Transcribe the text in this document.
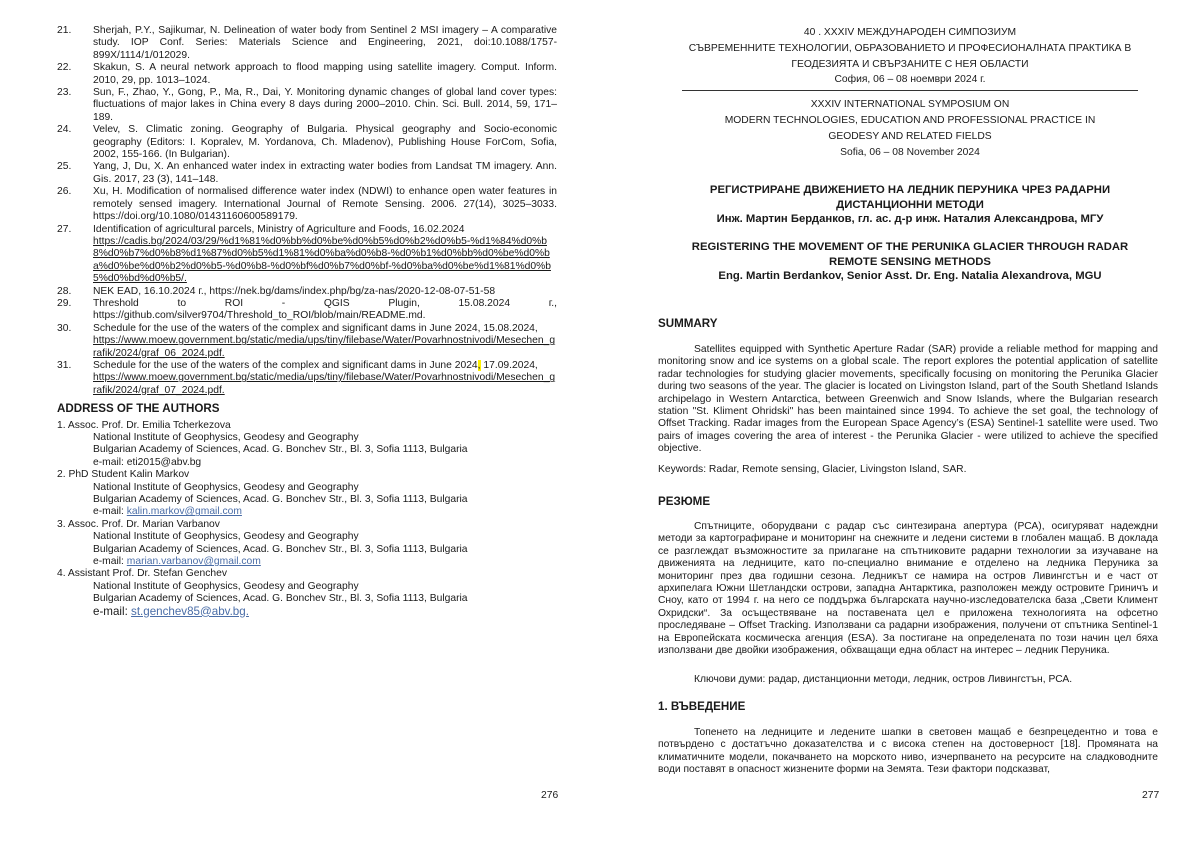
21. Sherjah, P.Y., Sajikumar, N. Delineation of water body from Sentinel 2 MSI imagery – A comparative study. IOP Conf. Series: Materials Science and Engineering, 2021, doi:10.1088/1757-899X/1114/1/012029.
22. Skakun, S. A neural network approach to flood mapping using satellite imagery. Comput. Inform. 2010, 29, pp. 1013–1024.
23. Sun, F., Zhao, Y., Gong, P., Ma, R., Dai, Y. Monitoring dynamic changes of global land cover types: fluctuations of major lakes in China every 8 days during 2000–2010. Chin. Sci. Bull. 2014, 59, 171–189.
24. Velev, S. Climatic zoning. Geography of Bulgaria. Physical geography and Socio-economic geography (Editors: I. Kopralev, M. Yordanova, Ch. Mladenov), Publishing House ForCom, Sofia, 2002, 155-166. (In Bulgarian).
25. Yang, J, Du, X. An enhanced water index in extracting water bodies from Landsat TM imagery. Ann. Gis. 2017, 23 (3), 141–148.
26. Xu, H. Modification of normalised difference water index (NDWI) to enhance open water features in remotely sensed imagery. International Journal of Remote Sensing. 2006. 27(14), 3025–3033. https://doi.org/10.1080/01431160600589179.
27. Identification of agricultural parcels, Ministry of Agriculture and Foods, 16.02.2024
https://cadis.bg/2024/03/29/%d1%81%d0%bb%d0%be%d0%b5%d0%b2%d0%b5-%d1%84%d0%b8%d0%b7%d0%b8%d1%87%d0%b5%d1%81%d0%ba%d0%b8-%d0%b1%d0%bb%d0%be%d0%ba%d0%be%d0%b2%d0%b5-%d0%b8-%d0%bf%d0%b7%d0%bf-%d0%ba%d0%be%d1%81%d0%b5%d0%bd%d0%b5/.
28. NEK EAD, 16.10.2024 г., https://nek.bg/dams/index.php/bg/za-nas/2020-12-08-07-51-58
29. Threshold to ROI - QGIS Plugin, 15.08.2024 г., https://github.com/silver9704/Threshold_to_ROI/blob/main/README.md.
30. Schedule for the use of the waters of the complex and significant dams in June 2024, 15.08.2024,
https://www.moew.government.bg/static/media/ups/tiny/filebase/Water/Povarhnostnivodi/Mesechen_grafik/2024/graf_06_2024.pdf.
31. Schedule for the use of the waters of the complex and significant dams in June 2024, 17.09.2024,
https://www.moew.government.bg/static/media/ups/tiny/filebase/Water/Povarhnostnivodi/Mesechen_grafik/2024/graf_07_2024.pdf.
ADDRESS OF THE AUTHORS
1. Assoc. Prof. Dr. Emilia Tcherkezova
National Institute of Geophysics, Geodesy and Geography
Bulgarian Academy of Sciences, Acad. G. Bonchev Str., Bl. 3, Sofia 1113, Bulgaria
e-mail: eti2015@abv.bg
2. PhD Student Kalin Markov
National Institute of Geophysics, Geodesy and Geography
Bulgarian Academy of Sciences, Acad. G. Bonchev Str., Bl. 3, Sofia 1113, Bulgaria
e-mail: kalin.markov@gmail.com
3. Assoc. Prof. Dr. Marian Varbanov
National Institute of Geophysics, Geodesy and Geography
Bulgarian Academy of Sciences, Acad. G. Bonchev Str., Bl. 3, Sofia 1113, Bulgaria
e-mail: marian.varbanov@gmail.com
4. Assistant Prof. Dr. Stefan Genchev
National Institute of Geophysics, Geodesy and Geography
Bulgarian Academy of Sciences, Acad. G. Bonchev Str., Bl. 3, Sofia 1113, Bulgaria
e-mail: st.genchev85@abv.bg.
276
40 . XXXIV МЕЖДУНАРОДЕН СИМПОЗИУМ
СЪВРЕМЕННИТЕ ТЕХНОЛОГИИ, ОБРАЗОВАНИЕТО И ПРОФЕСИОНАЛНАТА ПРАКТИКА В
ГЕОДЕЗИЯТА И СВЪРЗАНИТЕ С НЕЯ ОБЛАСТИ
София, 06 – 08 ноември 2024 г.
XXXIV INTERNATIONAL SYMPOSIUM ON
MODERN TECHNOLOGIES, EDUCATION AND PROFESSIONAL PRACTICE IN
GEODESY AND RELATED FIELDS
Sofia, 06 – 08 November 2024
РЕГИСТРИРАНЕ ДВИЖЕНИЕТО НА ЛЕДНИК ПЕРУНИКА ЧРЕЗ РАДАРНИ
ДИСТАНЦИОННИ МЕТОДИ
Инж. Мартин Берданков, гл. ас. д-р инж. Наталия Александрова, МГУ
REGISTERING THE MOVEMENT OF THE PERUNIKA GLACIER THROUGH RADAR
REMOTE SENSING METHODS
Eng. Martin Berdankov, Senior Asst. Dr. Eng. Natalia Alexandrova, MGU
SUMMARY
Satellites equipped with Synthetic Aperture Radar (SAR) provide a reliable method for mapping and monitoring snow and ice systems on a global scale. The report explores the potential application of satellite radar technologies for studying glacier movements, specifically focusing on monitoring the Perunika Glacier during two seasons of the year. The glacier is located on Livingston Island, part of the South Shetland Islands archipelago in Western Antarctica, between Greenwich and Snow Islands, where the Bulgarian research station "St. Kliment Ohridski" has been maintained since 1994. To achieve the set goal, the technology of Offset Tracking. Radar images from the European Space Agency’s (ESA) Sentinel-1 satellite were used. Two pairs of images covering the area of interest - the Perunika Glacier - were utilized to achieve the specified objective.
Keywords: Radar, Remote sensing, Glacier, Livingston Island, SAR.
РЕЗЮМЕ
Спътниците, оборудвани с радар със синтезирана апертура (РСА), осигуряват надеждни методи за картографиране и мониторинг на снежните и ледени системи в глобален мащаб. В доклада се разглеждат възможностите за прилагане на спътниковите радарни технологии за изучаване на движенията на ледниците, като по-специално внимание е отделено на ледника Перуника за мониторинг през два годишни сезона. Ледникът се намира на остров Ливингстън и е част от архипелага Южни Шетландски острови, западна Антарктика, разположен между островите Гриничъ и Сноу, като от 1994 г. на него се поддържа българската научно-изследователска база „Свети Климент Охридски“. За осъществяване на поставената цел е приложена технологията на офсетно проследяване – Offset Tracking. Използвани са радарни изображения, получени от спътника Sentinel-1 на Европейската космическа агенция (ESA). За постигане на определената по този начин цел бяха използвани две двойки изображения, обхващащи една област на интерес – ледник Перуника.
Ключови думи: радар, дистанционни методи, ледник, остров Ливингстън, РСА.
1. ВЪВЕДЕНИЕ
Топенето на ледниците и ледените шапки в световен мащаб е безпрецедентно и това е потвърдено с достатъчно доказателства и с висока степен на достоверност [18]. Промяната на климатичните модели, покачването на морското ниво, изчерпването на ресурсите на сладководните води поставят в опасност жизнените форми на Земята. Тези фактори подсказват,
277
